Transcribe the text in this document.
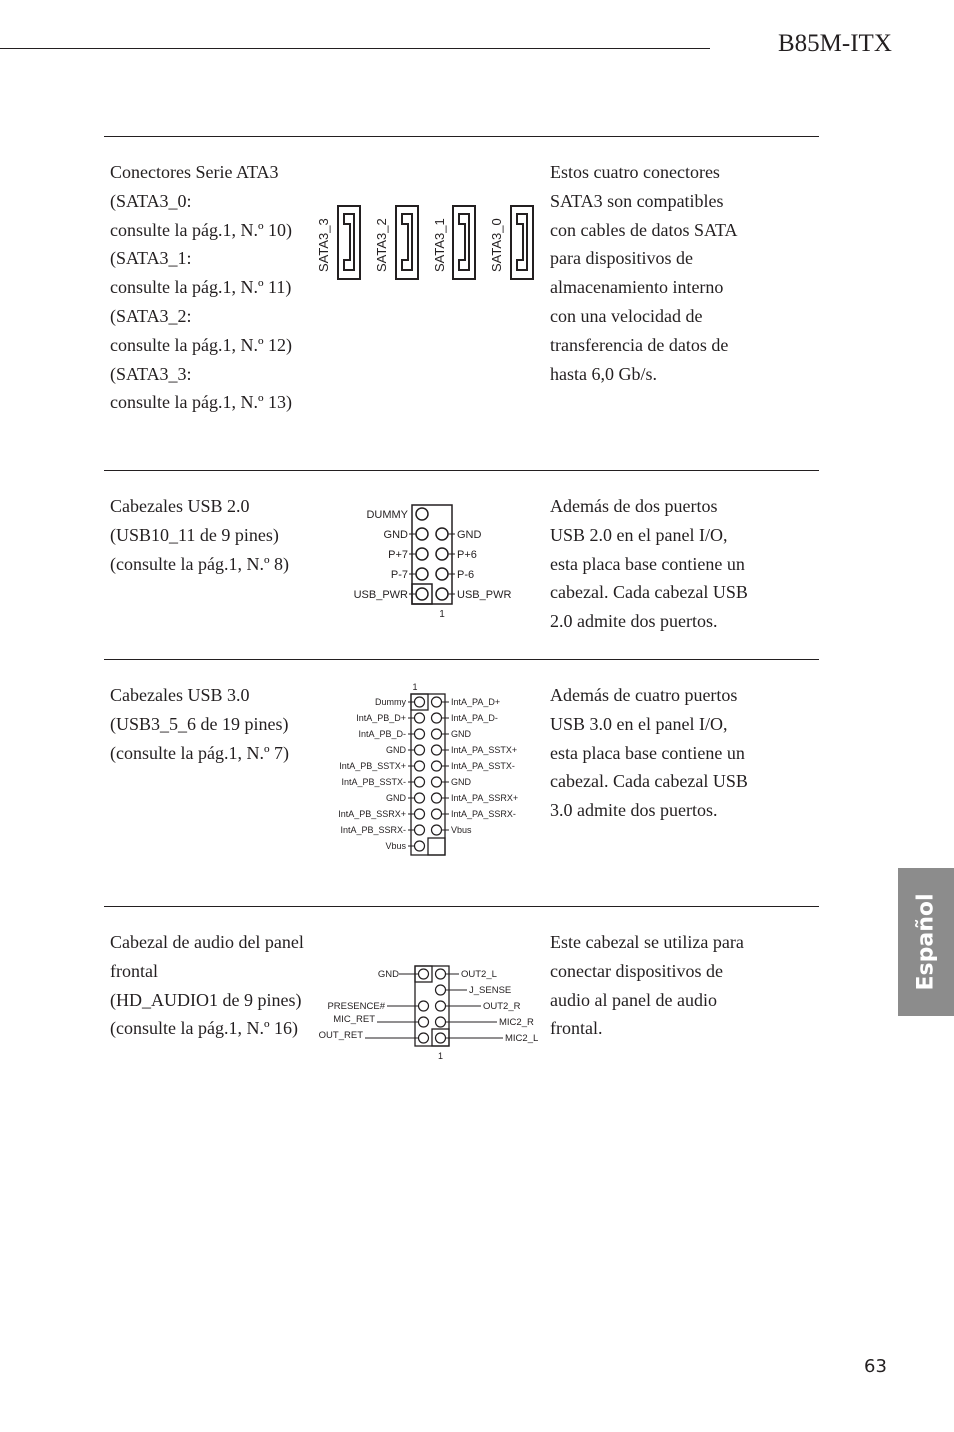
B85M-ITX
Conectores Serie ATA3
(SATA3_0:
consulte la pág.1, N.º 10)
(SATA3_1:
consulte la pág.1, N.º 11)
(SATA3_2:
consulte la pág.1, N.º 12)
(SATA3_3:
consulte la pág.1, N.º 13)
Estos cuatro conectores
SATA3 son compatibles
con cables de datos SATA
para dispositivos de
almacenamiento interno
con una velocidad de
transferencia de datos de
hasta 6,0 Gb/s.
SATA3_3	SATA3_2	SATA3_1	SATA3_0
Cabezales USB 2.0
(USB10_11 de 9 pines)
(consulte la pág.1, N.º 8)
Además de dos puertos
USB 2.0 en el panel I/O,
esta placa base contiene un
cabezal. Cada cabezal USB
2.0 admite dos puertos.
DUMMY
GND	GND
P+7	P+6
P-7	P-6
USB_PWR	USB_PWR
1
Cabezales USB 3.0
(USB3_5_6 de 19 pines)
(consulte la pág.1, N.º 7)
Además de cuatro puertos
USB 3.0 en el panel I/O,
esta placa base contiene un
cabezal. Cada cabezal USB
3.0 admite dos puertos.
1
Dummy	IntA_PA_D+
IntA_PB_D+	IntA_PA_D-
IntA_PB_D-	GND
GND	IntA_PA_SSTX+
IntA_PB_SSTX+	IntA_PA_SSTX-
IntA_PB_SSTX-	GND
GND	IntA_PA_SSRX+
IntA_PB_SSRX+	IntA_PA_SSRX-
IntA_PB_SSRX-	Vbus
Vbus
Cabezal de audio del panel
frontal
(HD_AUDIO1 de 9 pines)
(consulte la pág.1, N.º 16)
Este cabezal se utiliza para
conectar dispositivos de
audio al panel de audio
frontal.
GND	OUT2_L
J_SENSE
PRESENCE#	OUT2_R
MIC_RET	MIC2_R
OUT_RET	MIC2_L
1
Español
63
